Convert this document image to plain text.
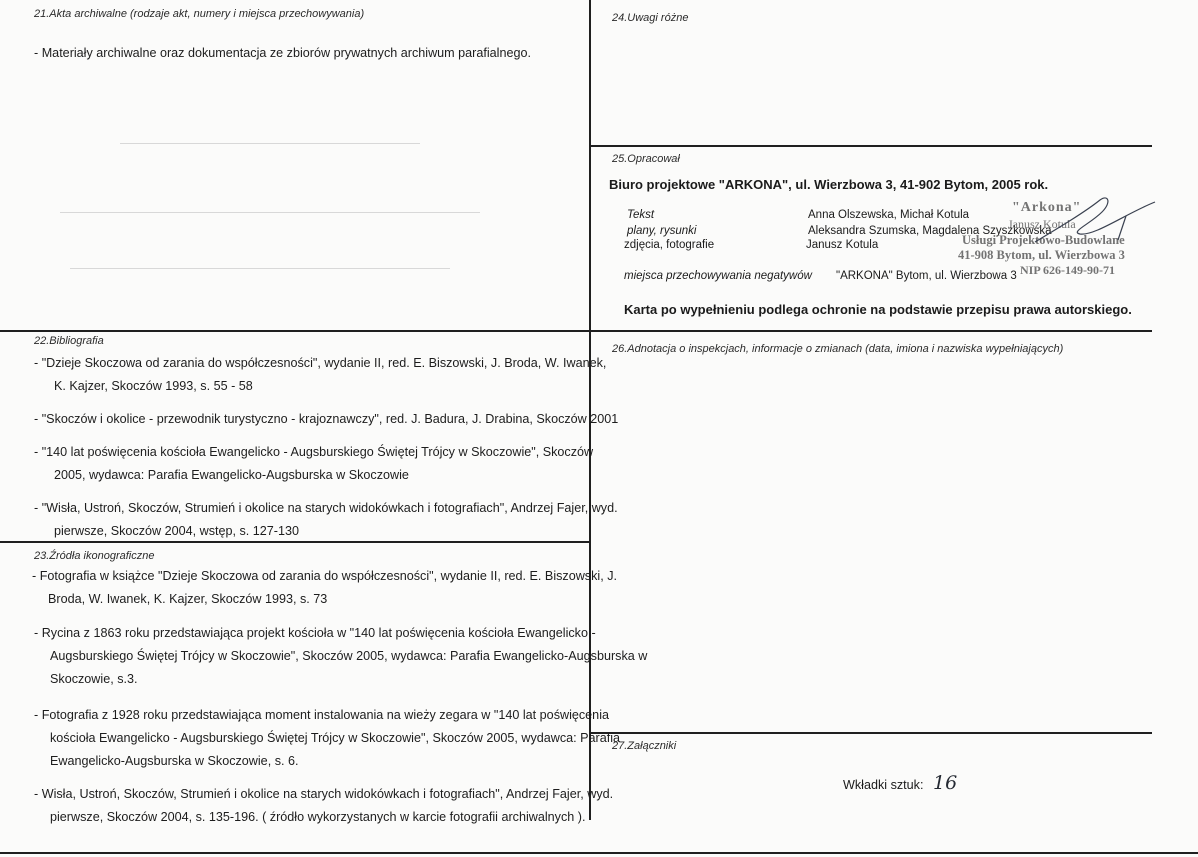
21.Akta archiwalne (rodzaje akt, numery i miejsca przechowywania)
- Materiały archiwalne oraz dokumentacja ze zbiorów prywatnych archiwum parafialnego.
24.Uwagi różne
25.Opracował
Biuro projektowe "ARKONA", ul. Wierzbowa 3, 41-902 Bytom, 2005 rok.
Tekst	Anna Olszewska, Michał Kotula
plany, rysunki	Aleksandra Szumska, Magdalena Szyszkowska
zdjęcia, fotografie	Janusz Kotula
miejsca przechowywania negatywów "ARKONA" Bytom, ul. Wierzbowa 3
"Arkona"
Janusz Kotula
Usługi Projektowo-Budowlane
41-908 Bytom, ul. Wierzbowa 3
NIP 626-149-90-71
Karta po wypełnieniu podlega ochronie na podstawie przepisu prawa autorskiego.
22.Bibliografia
- "Dzieje Skoczowa od zarania do współczesności", wydanie II, red. E. Biszowski, J. Broda, W. Iwanek,
K. Kajzer, Skoczów 1993, s. 55 - 58
- "Skoczów i okolice - przewodnik turystyczno - krajoznawczy", red. J. Badura, J. Drabina, Skoczów 2001
- "140 lat poświęcenia kościoła Ewangelicko - Augsburskiego Świętej Trójcy w Skoczowie", Skoczów
2005, wydawca: Parafia Ewangelicko-Augsburska w Skoczowie
- "Wisła, Ustroń, Skoczów, Strumień i okolice na starych widokówkach i fotografiach", Andrzej Fajer, wyd.
pierwsze, Skoczów 2004, wstęp, s. 127-130
23.Źródła ikonograficzne
- Fotografia w książce "Dzieje Skoczowa od zarania do współczesności", wydanie II, red. E. Biszowski, J.
Broda, W. Iwanek, K. Kajzer, Skoczów 1993, s. 73
- Rycina z 1863 roku przedstawiająca projekt kościoła w "140 lat poświęcenia kościoła Ewangelicko -
Augsburskiego Świętej Trójcy w Skoczowie", Skoczów 2005, wydawca: Parafia Ewangelicko-Augsburska w
Skoczowie, s.3.
- Fotografia z 1928 roku przedstawiająca moment instalowania na wieży zegara w "140 lat poświęcenia
kościoła Ewangelicko - Augsburskiego Świętej Trójcy w Skoczowie", Skoczów 2005, wydawca: Parafia
Ewangelicko-Augsburska w Skoczowie, s. 6.
- Wisła, Ustroń, Skoczów, Strumień i okolice na starych widokówkach i fotografiach", Andrzej Fajer, wyd.
pierwsze, Skoczów 2004, s. 135-196. ( źródło wykorzystanych w karcie fotografii archiwalnych ).
26.Adnotacja o inspekcjach, informacje o zmianach (data, imiona i nazwiska wypełniających)
27.Załączniki
Wkładki sztuk: 16
